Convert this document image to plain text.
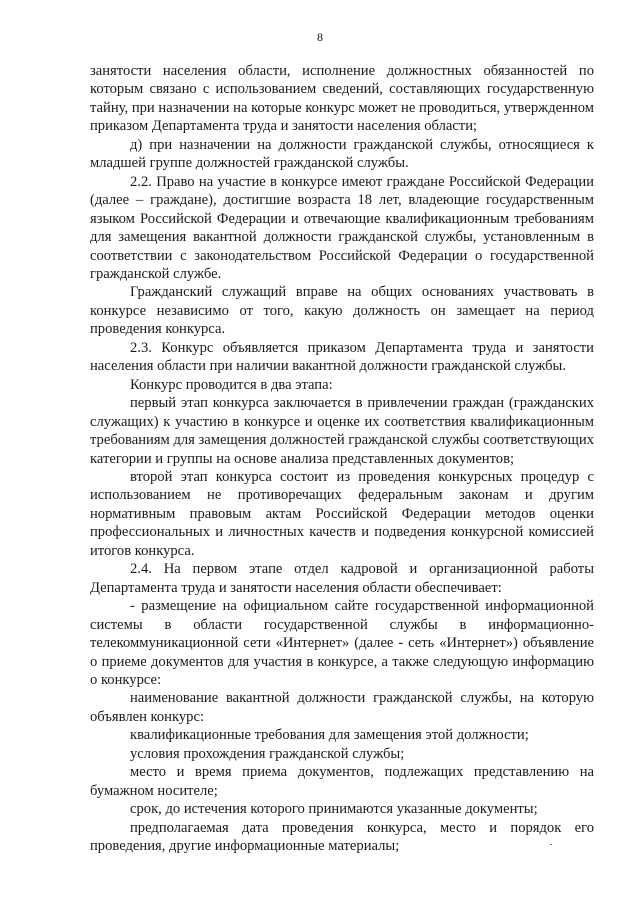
8

занятости населения области, исполнение должностных обязанностей по которым связано с использованием сведений, составляющих государственную тайну, при назначении на которые конкурс может не проводиться, утвержденном приказом Департамента труда и занятости населения области;

д) при назначении на должности гражданской службы, относящиеся к младшей группе должностей гражданской службы.

2.2. Право на участие в конкурсе имеют граждане Российской Федерации (далее – граждане), достигшие возраста 18 лет, владеющие государственным языком Российской Федерации и отвечающие квалификационным требованиям для замещения вакантной должности гражданской службы, установленным в соответствии с законодательством Российской Федерации о государственной гражданской службе.

Гражданский служащий вправе на общих основаниях участвовать в конкурсе независимо от того, какую должность он замещает на период проведения конкурса.

2.3. Конкурс объявляется приказом Департамента труда и занятости населения области при наличии вакантной должности гражданской службы.

Конкурс проводится в два этапа:

первый этап конкурса заключается в привлечении граждан (гражданских служащих) к участию в конкурсе и оценке их соответствия квалификационным требованиям для замещения должностей гражданской службы соответствующих категории и группы на основе анализа представленных документов;

второй этап конкурса состоит из проведения конкурсных процедур с использованием не противоречащих федеральным законам и другим нормативным правовым актам Российской Федерации методов оценки профессиональных и личностных качеств и подведения конкурсной комиссией итогов конкурса.

2.4. На первом этапе отдел кадровой и организационной работы Департамента труда и занятости населения области обеспечивает:

- размещение на официальном сайте государственной информационной системы в области государственной службы в информационно-телекоммуникационной сети «Интернет» (далее - сеть «Интернет») объявление о приеме документов для участия в конкурсе, а также следующую информацию о конкурсе:

наименование вакантной должности гражданской службы, на которую объявлен конкурс:

квалификационные требования для замещения этой должности;

условия прохождения гражданской службы;

место и время приема документов, подлежащих представлению на бумажном носителе;

срок, до истечения которого принимаются указанные документы;

предполагаемая дата проведения конкурса, место и порядок его проведения, другие информационные материалы;
